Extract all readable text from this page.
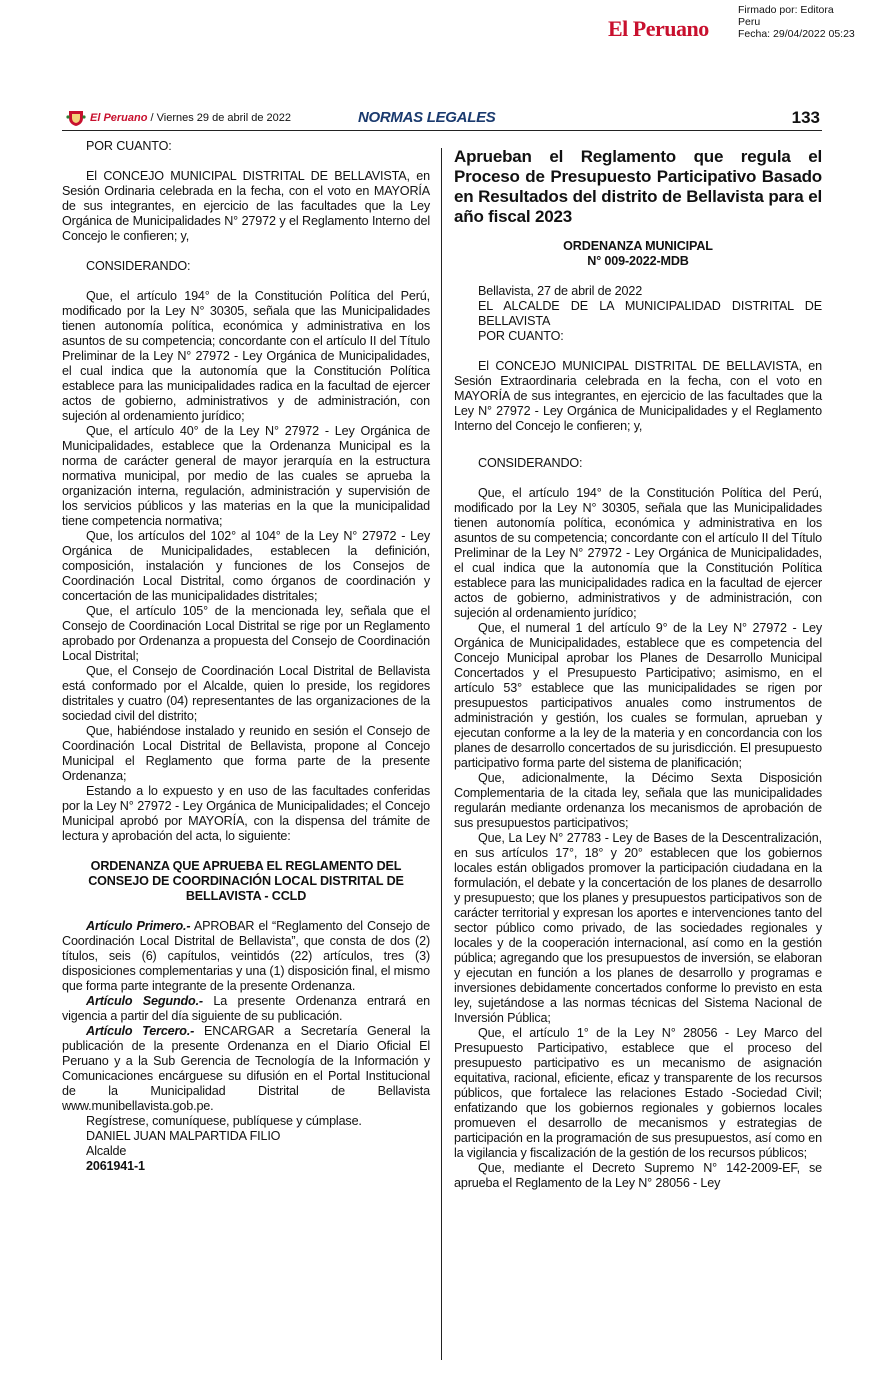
El Peruano
Firmado por: Editora
Peru
Fecha: 29/04/2022 05:23
El Peruano / Viernes 29 de abril de 2022	NORMAS LEGALES	133

POR CUANTO:

El CONCEJO MUNICIPAL DISTRITAL DE BELLAVISTA, en Sesión Ordinaria celebrada en la fecha, con el voto en MAYORÍA de sus integrantes, en ejercicio de las facultades que la Ley Orgánica de Municipalidades N° 27972 y el Reglamento Interno del Concejo le confieren; y,

CONSIDERANDO:

Que, el artículo 194° de la Constitución Política del Perú, modificado por la Ley N° 30305, señala que las Municipalidades tienen autonomía política, económica y administrativa en los asuntos de su competencia; concordante con el artículo II del Título Preliminar de la Ley N° 27972 - Ley Orgánica de Municipalidades, el cual indica que la autonomía que la Constitución Política establece para las municipalidades radica en la facultad de ejercer actos de gobierno, administrativos y de administración, con sujeción al ordenamiento jurídico;

Que, el artículo 40° de la Ley N° 27972 - Ley Orgánica de Municipalidades, establece que la Ordenanza Municipal es la norma de carácter general de mayor jerarquía en la estructura normativa municipal, por medio de las cuales se aprueba la organización interna, regulación, administración y supervisión de los servicios públicos y las materias en la que la municipalidad tiene competencia normativa;

Que, los artículos del 102° al 104° de la Ley N° 27972 - Ley Orgánica de Municipalidades, establecen la definición, composición, instalación y funciones de los Consejos de Coordinación Local Distrital, como órganos de coordinación y concertación de las municipalidades distritales;

Que, el artículo 105° de la mencionada ley, señala que el Consejo de Coordinación Local Distrital se rige por un Reglamento aprobado por Ordenanza a propuesta del Consejo de Coordinación Local Distrital;

Que, el Consejo de Coordinación Local Distrital de Bellavista está conformado por el Alcalde, quien lo preside, los regidores distritales y cuatro (04) representantes de las organizaciones de la sociedad civil del distrito;

Que, habiéndose instalado y reunido en sesión el Consejo de Coordinación Local Distrital de Bellavista, propone al Concejo Municipal el Reglamento que forma parte de la presente Ordenanza;

Estando a lo expuesto y en uso de las facultades conferidas por la Ley N° 27972 - Ley Orgánica de Municipalidades; el Concejo Municipal aprobó por MAYORÍA, con la dispensa del trámite de lectura y aprobación del acta, lo siguiente:

ORDENANZA QUE APRUEBA EL REGLAMENTO DEL CONSEJO DE COORDINACIÓN LOCAL DISTRITAL DE BELLAVISTA - CCLD

Artículo Primero.- APROBAR el “Reglamento del Consejo de Coordinación Local Distrital de Bellavista”, que consta de dos (2) títulos, seis (6) capítulos, veintidós (22) artículos, tres (3) disposiciones complementarias y una (1) disposición final, el mismo que forma parte integrante de la presente Ordenanza.

Artículo Segundo.- La presente Ordenanza entrará en vigencia a partir del día siguiente de su publicación.

Artículo Tercero.- ENCARGAR a Secretaría General la publicación de la presente Ordenanza en el Diario Oficial El Peruano y a la Sub Gerencia de Tecnología de la Información y Comunicaciones encárguese su difusión en el Portal Institucional de la Municipalidad Distrital de Bellavista www.munibellavista.gob.pe.

Regístrese, comuníquese, publíquese y cúmplase.

DANIEL JUAN MALPARTIDA FILIO

Alcalde

2061941-1

Aprueban el Reglamento que regula el Proceso de Presupuesto Participativo Basado en Resultados del distrito de Bellavista para el año fiscal 2023

ORDENANZA MUNICIPAL

N° 009-2022-MDB

Bellavista, 27 de abril de 2022

EL ALCALDE DE LA MUNICIPALIDAD DISTRITAL DE BELLAVISTA

POR CUANTO:

El CONCEJO MUNICIPAL DISTRITAL DE BELLAVISTA, en Sesión Extraordinaria celebrada en la fecha, con el voto en MAYORÍA de sus integrantes, en ejercicio de las facultades que la Ley N° 27972 - Ley Orgánica de Municipalidades y el Reglamento Interno del Concejo le confieren; y,

CONSIDERANDO:

Que, el artículo 194° de la Constitución Política del Perú, modificado por la Ley N° 30305, señala que las Municipalidades tienen autonomía política, económica y administrativa en los asuntos de su competencia; concordante con el artículo II del Título Preliminar de la Ley N° 27972 - Ley Orgánica de Municipalidades, el cual indica que la autonomía que la Constitución Política establece para las municipalidades radica en la facultad de ejercer actos de gobierno, administrativos y de administración, con sujeción al ordenamiento jurídico;

Que, el numeral 1 del artículo 9° de la Ley N° 27972 - Ley Orgánica de Municipalidades, establece que es competencia del Concejo Municipal aprobar los Planes de Desarrollo Municipal Concertados y el Presupuesto Participativo; asimismo, en el artículo 53° establece que las municipalidades se rigen por presupuestos participativos anuales como instrumentos de administración y gestión, los cuales se formulan, aprueban y ejecutan conforme a la ley de la materia y en concordancia con los planes de desarrollo concertados de su jurisdicción. El presupuesto participativo forma parte del sistema de planificación;

Que, adicionalmente, la Décimo Sexta Disposición Complementaria de la citada ley, señala que las municipalidades regularán mediante ordenanza los mecanismos de aprobación de sus presupuestos participativos;

Que, La Ley N° 27783 - Ley de Bases de la Descentralización, en sus artículos 17°, 18° y 20° establecen que los gobiernos locales están obligados promover la participación ciudadana en la formulación, el debate y la concertación de los planes de desarrollo y presupuesto; que los planes y presupuestos participativos son de carácter territorial y expresan los aportes e intervenciones tanto del sector público como privado, de las sociedades regionales y locales y de la cooperación internacional, así como en la gestión pública; agregando que los presupuestos de inversión, se elaboran y ejecutan en función a los planes de desarrollo y programas e inversiones debidamente concertados conforme lo previsto en esta ley, sujetándose a las normas técnicas del Sistema Nacional de Inversión Pública;

Que, el artículo 1° de la Ley N° 28056 - Ley Marco del Presupuesto Participativo, establece que el proceso del presupuesto participativo es un mecanismo de asignación equitativa, racional, eficiente, eficaz y transparente de los recursos públicos, que fortalece las relaciones Estado -Sociedad Civil; enfatizando que los gobiernos regionales y gobiernos locales promueven el desarrollo de mecanismos y estrategias de participación en la programación de sus presupuestos, así como en la vigilancia y fiscalización de la gestión de los recursos públicos;

Que, mediante el Decreto Supremo N° 142-2009-EF, se aprueba el Reglamento de la Ley N° 28056 - Ley
